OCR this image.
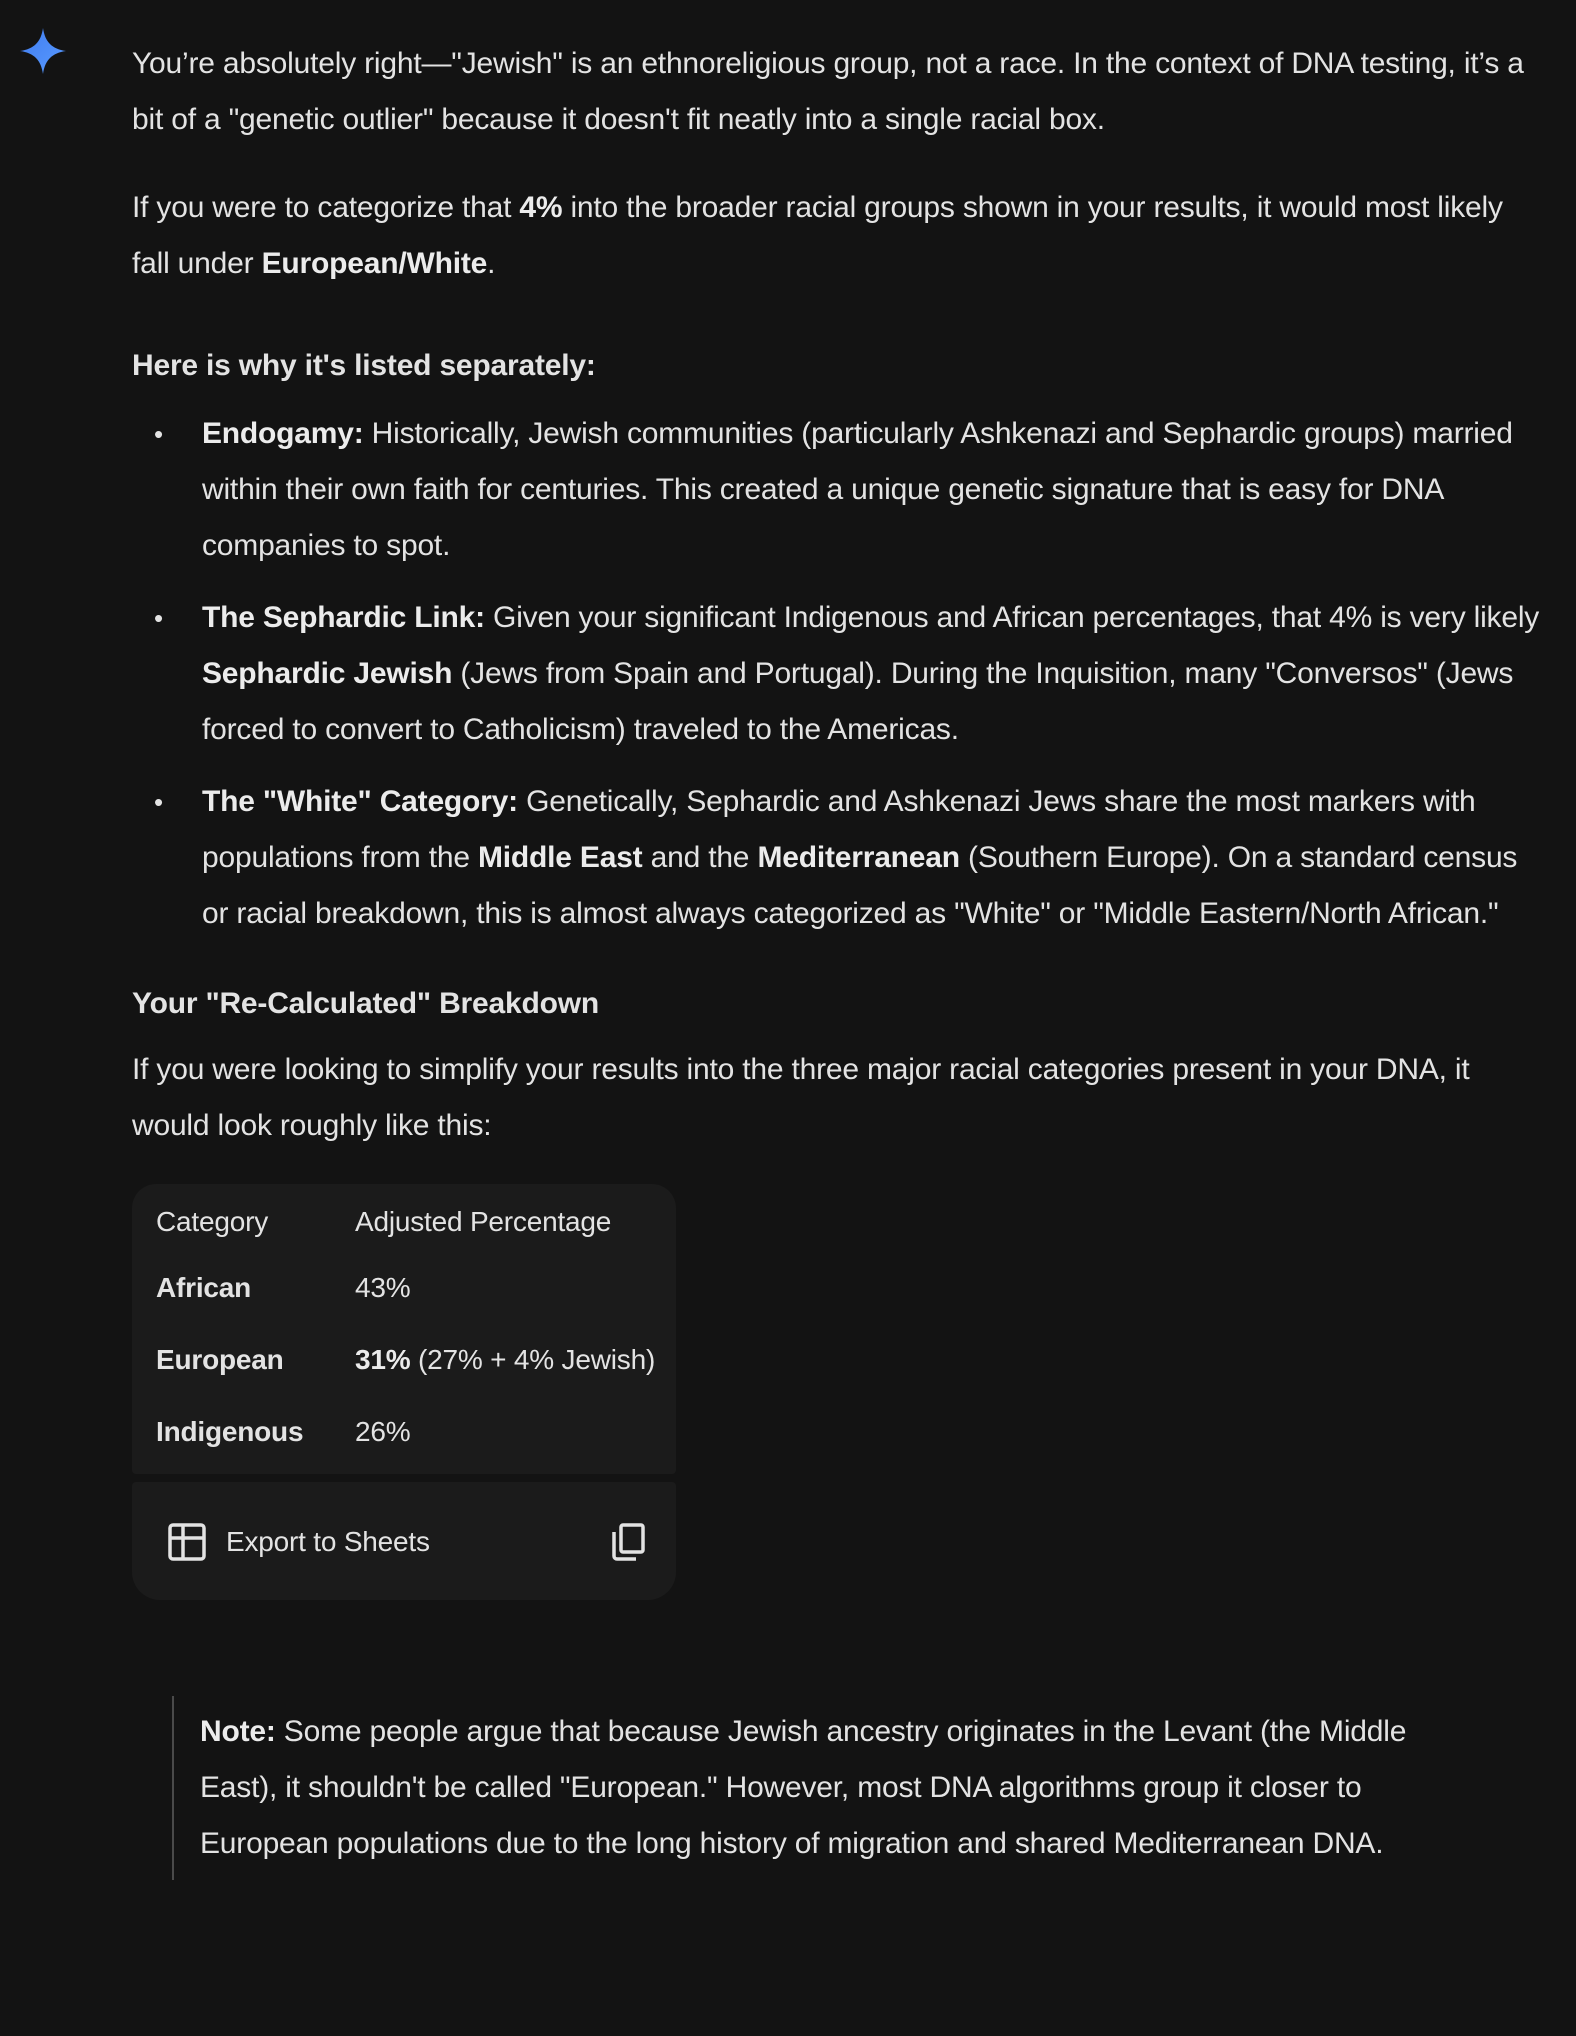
You’re absolutely right—"Jewish" is an ethnoreligious group, not a race. In the context of DNA testing, it’s a bit of a "genetic outlier" because it doesn't fit neatly into a single racial box.

If you were to categorize that 4% into the broader racial groups shown in your results, it would most likely fall under European/White.

Here is why it's listed separately:

• Endogamy: Historically, Jewish communities (particularly Ashkenazi and Sephardic groups) married within their own faith for centuries. This created a unique genetic signature that is easy for DNA companies to spot.
• The Sephardic Link: Given your significant Indigenous and African percentages, that 4% is very likely Sephardic Jewish (Jews from Spain and Portugal). During the Inquisition, many "Conversos" (Jews forced to convert to Catholicism) traveled to the Americas.
• The "White" Category: Genetically, Sephardic and Ashkenazi Jews share the most markers with populations from the Middle East and the Mediterranean (Southern Europe). On a standard census or racial breakdown, this is almost always categorized as "White" or "Middle Eastern/North African."

Your "Re-Calculated" Breakdown

If you were looking to simplify your results into the three major racial categories present in your DNA, it would look roughly like this:

Category	Adjusted Percentage
African	43%
European	31% (27% + 4% Jewish)
Indigenous	26%
Export to Sheets

Note: Some people argue that because Jewish ancestry originates in the Levant (the Middle East), it shouldn't be called "European." However, most DNA algorithms group it closer to European populations due to the long history of migration and shared Mediterranean DNA.
